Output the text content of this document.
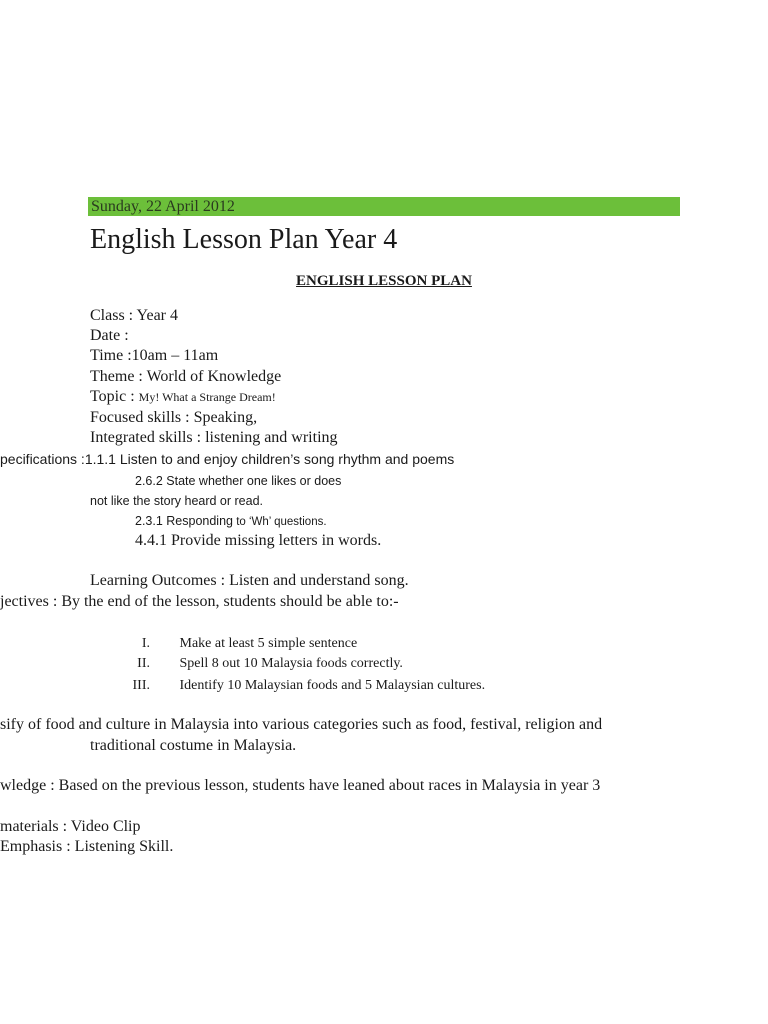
Sunday, 22 April 2012
English Lesson Plan Year 4
ENGLISH LESSON PLAN
Class : Year 4
Date :
Time :10am – 11am
Theme : World of Knowledge
Topic : My! What a Strange Dream!
Focused skills : Speaking,
Integrated skills : listening and writing
pecifications :1.1.1 Listen to and enjoy children’s song rhythm and poems
2.6.2 State whether one likes or does
not like the story heard or read.
2.3.1 Responding to ‘Wh’ questions.
4.4.1 Provide missing letters in words.
Learning Outcomes : Listen and understand song.
jectives : By the end of the lesson, students should be able to:-
I. Make at least 5 simple sentence
II. Spell 8 out 10 Malaysia foods correctly.
III. Identify 10 Malaysian foods and 5 Malaysian cultures.
sify of food and culture in Malaysia into various categories such as food, festival, religion and
traditional costume in Malaysia.
wledge : Based on the previous lesson, students have leaned about races in Malaysia in year 3
materials : Video Clip
Emphasis : Listening Skill.
